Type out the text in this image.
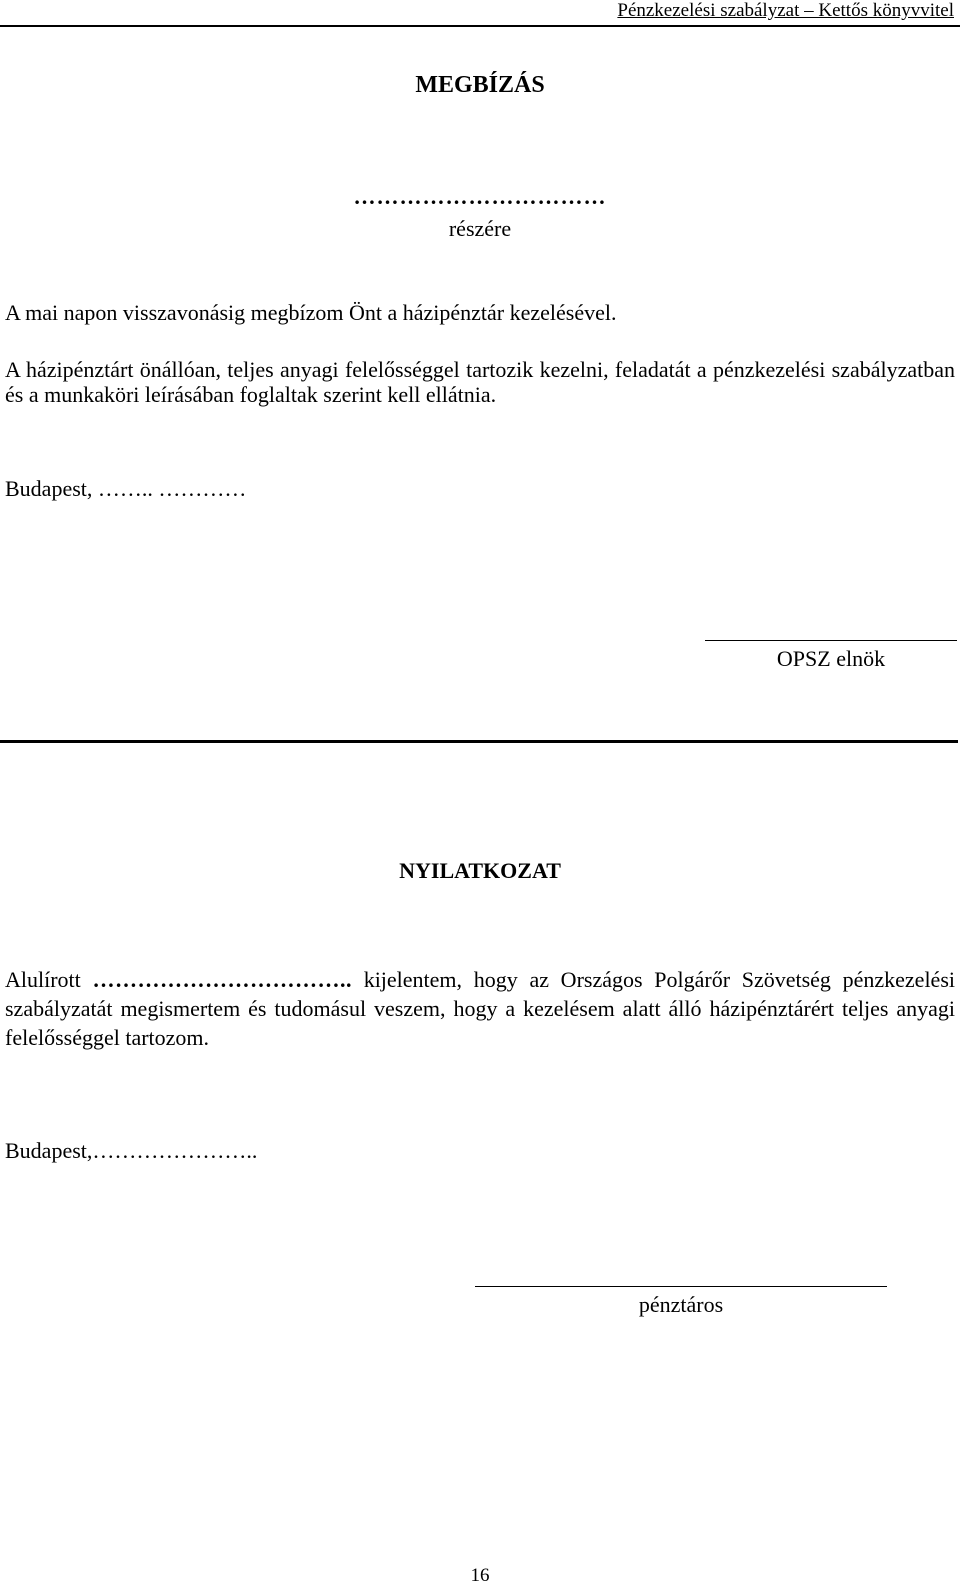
Pénzkezelési szabályzat – Kettős könyvvitel
MEGBÍZÁS
……………………………
részére
A mai napon visszavonásig megbízom Önt a házipénztár kezelésével.
A házipénztárt önállóan, teljes anyagi felelősséggel tartozik kezelni, feladatát a pénzkezelési szabályzatban és a munkaköri leírásában foglaltak szerint kell ellátnia.
Budapest, …….. …………
OPSZ elnök
NYILATKOZAT
Alulírott …………………………….. kijelentem, hogy az Országos Polgárőr Szövetség pénzkezelési szabályzatát megismertem és tudomásul veszem, hogy a kezelésem alatt álló házipénztárért teljes anyagi felelősséggel tartozom.
Budapest,…………………..
pénztáros
16
